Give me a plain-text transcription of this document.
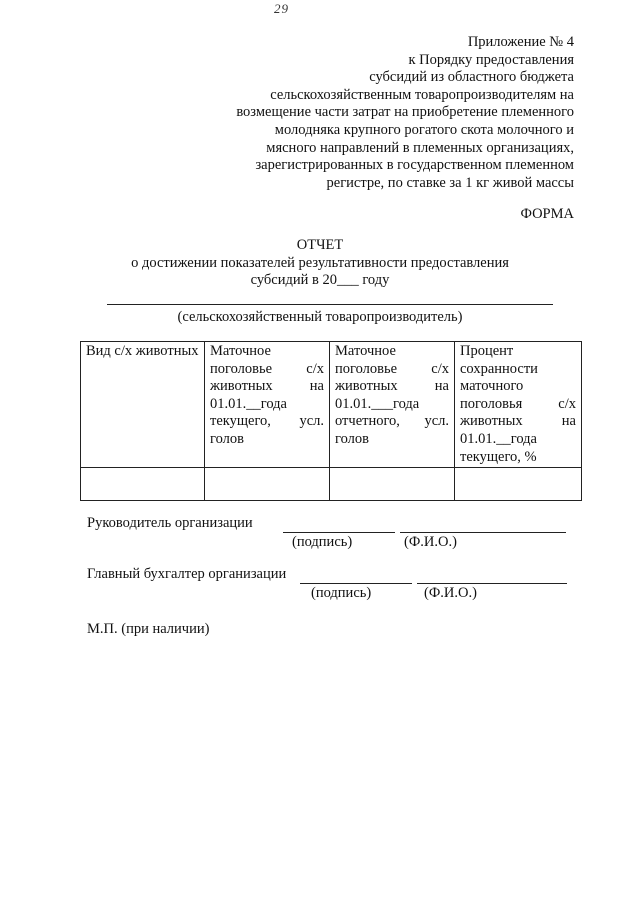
29
Приложение № 4
к Порядку предоставления
субсидий из областного бюджета
сельскохозяйственным товаропроизводителям на
возмещение части затрат на приобретение племенного
молодняка крупного рогатого скота молочного и
мясного направлений в племенных организациях,
зарегистрированных в государственном племенном
регистре, по ставке за 1 кг живой массы
ФОРМА
ОТЧЕТ
о достижении показателей результативности предоставления
субсидий в 20___ году
(сельскохозяйственный товаропроизводитель)
Вид с/х животных	Маточное поголовье с/х животных на 01.01.__года текущего, усл. голов	Маточное поголовье с/х животных на 01.01.___года отчетного, усл. голов	Процент сохранности маточного поголовья с/х животных на 01.01.__года текущего, %

Руководитель организации
(подпись)	(Ф.И.О.)
Главный бухгалтер организации
(подпись)	(Ф.И.О.)
М.П. (при наличии)
